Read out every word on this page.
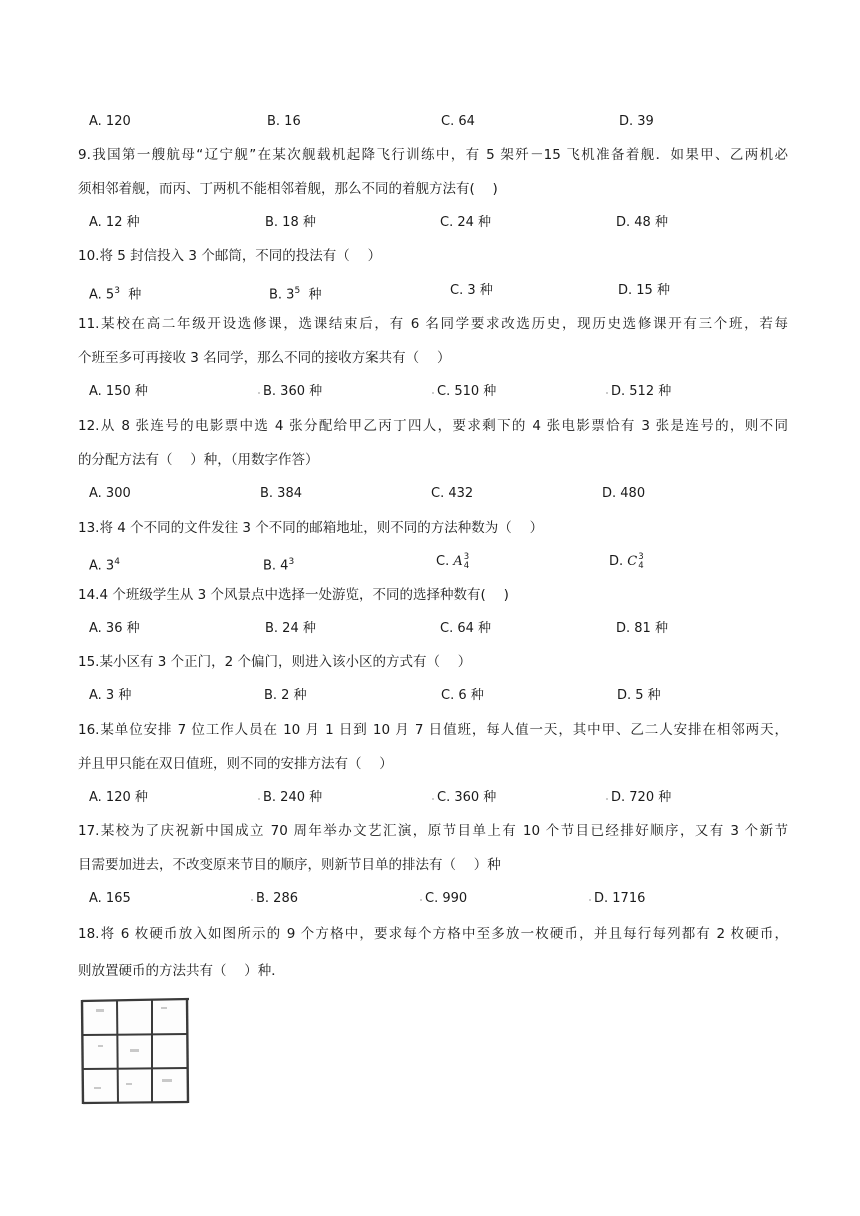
A. 120	B. 16	C. 64	D. 39
9.我国第一艘航母“辽宁舰”在某次舰载机起降飞行训练中，有 5 架歼－15 飞机准备着舰．如果甲、乙两机必
须相邻着舰，而丙、丁两机不能相邻着舰，那么不同的着舰方法有(　 )
A. 12 种	B. 18 种	C. 24 种	D. 48 种
10.将 5 封信投入 3 个邮筒，不同的投法有（　 ）
A. $5^3$  种	B. $3^5$  种	C. 3 种	D. 15 种
11.某校在高二年级开设选修课，选课结束后，有 6 名同学要求改选历史，现历史选修课开有三个班，若每
个班至多可再接收 3 名同学，那么不同的接收方案共有（　 ）
A. 150 种	B. 360 种	C. 510 种	D. 512 种
12.从 8 张连号的电影票中选 4 张分配给甲乙丙丁四人，要求剩下的 4 张电影票恰有 3 张是连号的，则不同
的分配方法有（　 ）种，（用数字作答）
A. 300	B. 384	C. 432	D. 480
13.将 4 个不同的文件发往 3 个不同的邮箱地址，则不同的方法种数为（　 ）
A. $3^4$	B. $4^3$	C. A 3
4	D. C 3
4
14.4 个班级学生从 3 个风景点中选择一处游览，不同的选择种数有(　 )
A. 36 种	B. 24 种	C. 64 种	D. 81 种
15.某小区有 3 个正门，2 个偏门，则进入该小区的方式有（　 ）
A. 3 种	B. 2 种	C. 6 种	D. 5 种
16.某单位安排 7 位工作人员在 10 月 1 日到 10 月 7 日值班，每人值一天，其中甲、乙二人安排在相邻两天，
并且甲只能在双日值班，则不同的安排方法有（　 ）
A. 120 种	B. 240 种	C. 360 种	D. 720 种
17.某校为了庆祝新中国成立 70 周年举办文艺汇演，原节目单上有 10 个节目已经排好顺序，又有 3 个新节
目需要加进去，不改变原来节目的顺序，则新节目单的排法有（　 ）种
A. 165	B. 286	C. 990	D. 1716
18.将 6 枚硬币放入如图所示的 9 个方格中，要求每个方格中至多放一枚硬币，并且每行每列都有 2 枚硬币，
则放置硬币的方法共有（　 ）种．
